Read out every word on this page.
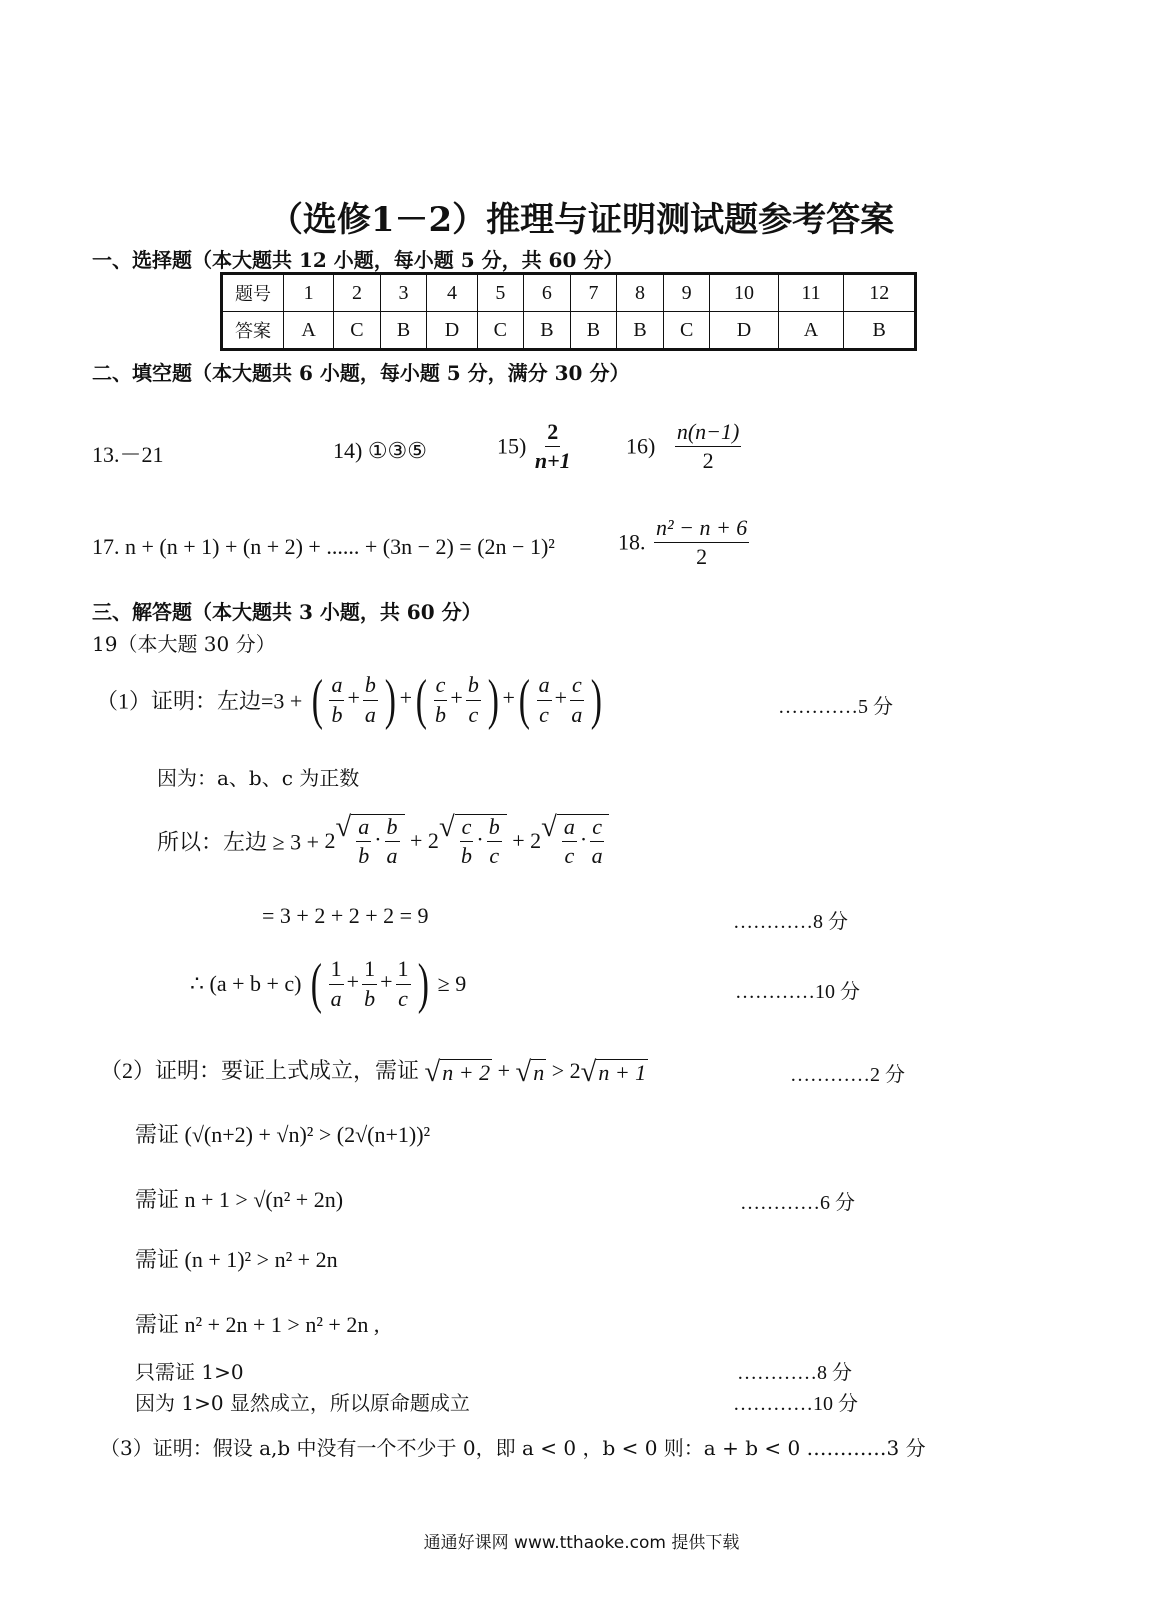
（选修1－2）推理与证明测试题参考答案
一、选择题（本大题共 12 小题，每小题 5 分，共 60 分）
题号	1	2	3	4	5	6	7	8	9	10	11	12
答案	A	C	B	D	C	B	B	B	C	D	A	B
二、填空题（本大题共 6 小题，每小题 5 分，满分 30 分）
13.－21	14) ①③⑤	$15) \frac{2}{n+1}$	$16) \frac{n(n-1)}{2}$
17. n + (n + 1) + (n + 2) + ...... + (3n − 2) = (2n − 1)²	18. $\frac{\text{n² − n + 6}}{2}$
三、解答题（本大题共 3 小题，共 60 分）
19（本大题 30 分）
（1）证明：左边=3 + ( $\frac{a}{b} + \frac{b}{a}$ ) +( $\frac{c}{b} + \frac{b}{c}$ ) +( $\frac{a}{c} + \frac{c}{a}$ )	…………5 分
因为：a、b、c 为正数
所以：左边 ≥ 3 + 2 √ $\frac{a}{b} \cdot \frac{b}{a} + 2$ √ $\frac{c}{b} \cdot \frac{b}{c} + 2$ √ $\frac{a}{c} \cdot \frac{c}{a}$
= 3 + 2 + 2 + 2 = 9	…………8 分
∴ (a + b + c) ( $\frac{1}{a} + \frac{1}{b} + \frac{1}{c}$ ) ≥ 9	…………10 分
（2）证明：要证上式成立，需证 √ n + 2 + √ n > 2 √ n + 1	…………2 分
需证 (√(n+2) + √n)² > (2√(n+1))²
需证 n + 1 > √(n² + 2n)	…………6 分
需证 (n + 1)² > n² + 2n
需证 n² + 2n + 1 > n² + 2n ,
只需证 1>0	…………8 分
因为 1>0 显然成立，所以原命题成立	…………10 分
（3）证明：假设 a,b 中没有一个不少于 0，即 a < 0 ，b < 0 则：a + b < 0 …………3 分
通通好课网 www.tthaoke.com 提供下载
